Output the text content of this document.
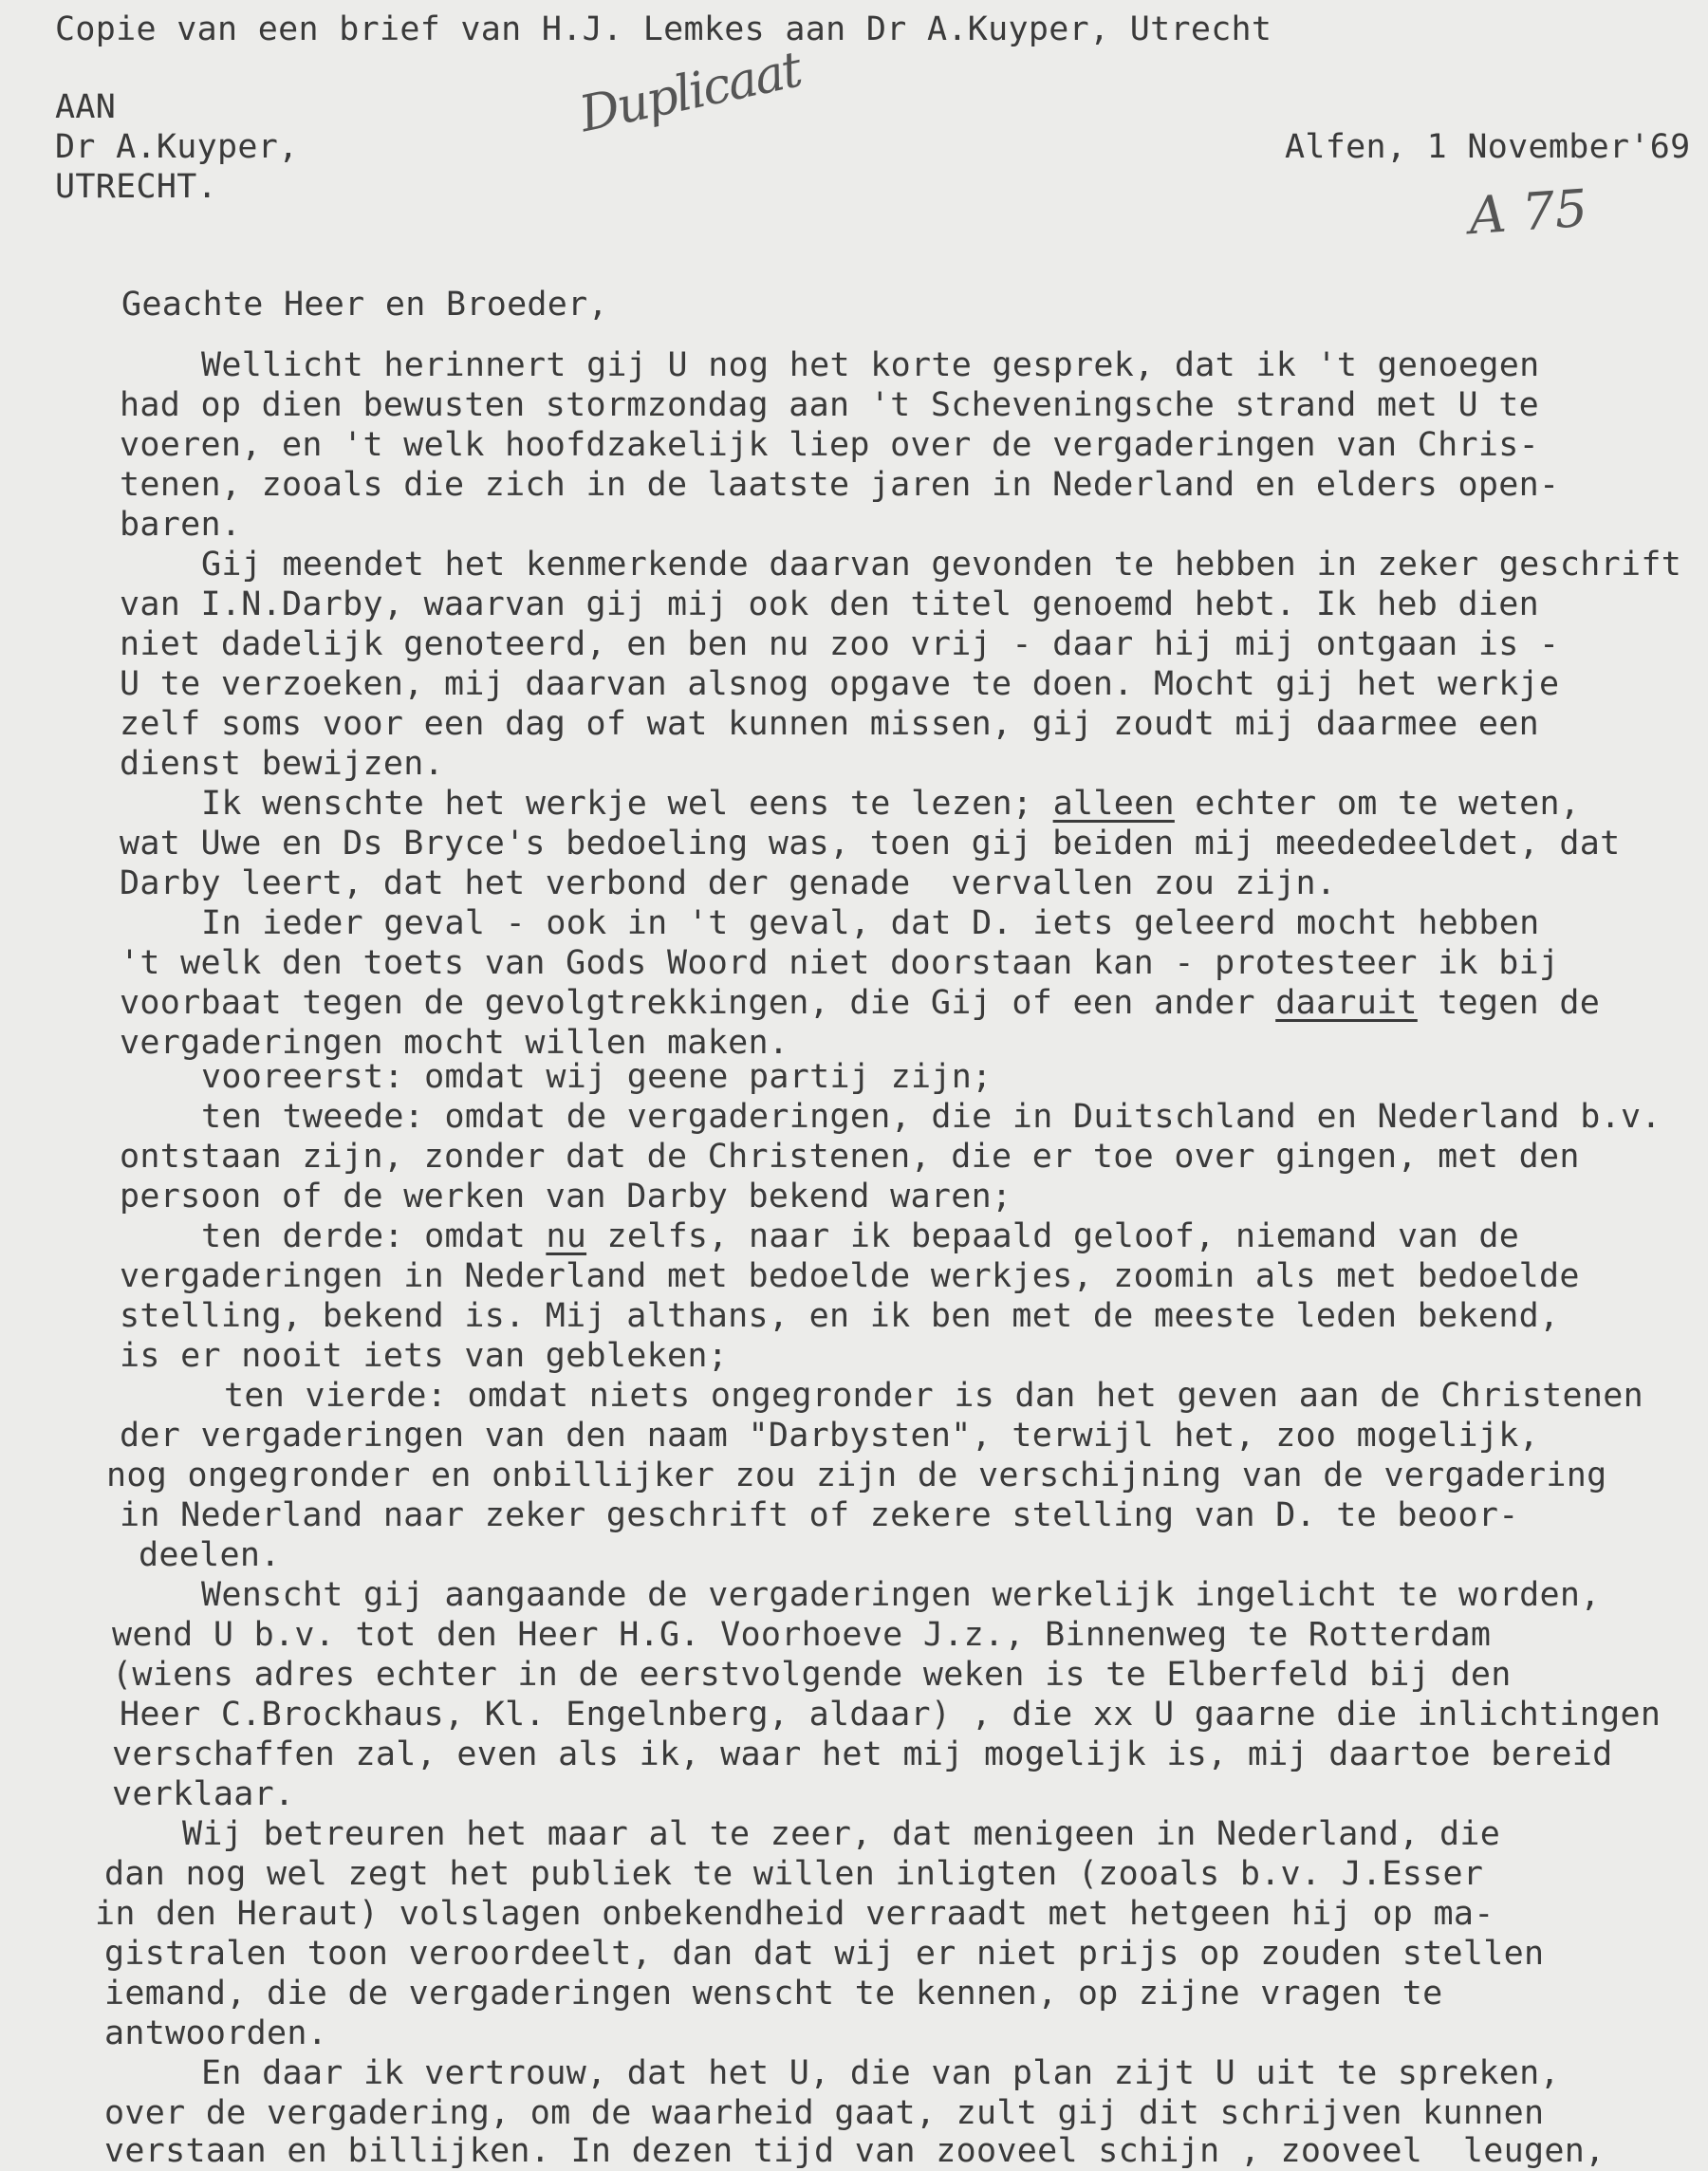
Copie van een brief van H.J. Lemkes aan Dr A.Kuyper, Utrecht
AAN
Dr A.Kuyper,
UTRECHT.
Duplicaat
Alfen, 1 November'69
A 75
Geachte Heer en Broeder,
Wellicht herinnert gij U nog het korte gesprek, dat ik 't genoegen
had op dien bewusten stormzondag aan 't Scheveningsche strand met U te
voeren, en 't welk hoofdzakelijk liep over de vergaderingen van Chris-
tenen, zooals die zich in de laatste jaren in Nederland en elders open-
baren.
Gij meendet het kenmerkende daarvan gevonden te hebben in zeker geschrift
van I.N.Darby, waarvan gij mij ook den titel genoemd hebt. Ik heb dien
niet dadelijk genoteerd, en ben nu zoo vrij - daar hij mij ontgaan is -
U te verzoeken, mij daarvan alsnog opgave te doen. Mocht gij het werkje
zelf soms voor een dag of wat kunnen missen, gij zoudt mij daarmee een
dienst bewijzen.
Ik wenschte het werkje wel eens te lezen; alleen echter om te weten,
wat Uwe en Ds Bryce's bedoeling was, toen gij beiden mij meededeeldet, dat
Darby leert, dat het verbond der genade  vervallen zou zijn.
In ieder geval - ook in 't geval, dat D. iets geleerd mocht hebben
't welk den toets van Gods Woord niet doorstaan kan - protesteer ik bij
voorbaat tegen de gevolgtrekkingen, die Gij of een ander daaruit tegen de
vergaderingen mocht willen maken.
vooreerst: omdat wij geene partij zijn;
ten tweede: omdat de vergaderingen, die in Duitschland en Nederland b.v.
ontstaan zijn, zonder dat de Christenen, die er toe over gingen, met den
persoon of de werken van Darby bekend waren;
ten derde: omdat nu zelfs, naar ik bepaald geloof, niemand van de
vergaderingen in Nederland met bedoelde werkjes, zoomin als met bedoelde
stelling, bekend is. Mij althans, en ik ben met de meeste leden bekend,
is er nooit iets van gebleken;
ten vierde: omdat niets ongegronder is dan het geven aan de Christenen
der vergaderingen van den naam "Darbysten", terwijl het, zoo mogelijk,
nog ongegronder en onbillijker zou zijn de verschijning van de vergadering
in Nederland naar zeker geschrift of zekere stelling van D. te beoor-
deelen.
Wenscht gij aangaande de vergaderingen werkelijk ingelicht te worden,
wend U b.v. tot den Heer H.G. Voorhoeve J.z., Binnenweg te Rotterdam
(wiens adres echter in de eerstvolgende weken is te Elberfeld bij den
Heer C.Brockhaus, Kl. Engelnberg, aldaar) , die xx U gaarne die inlichtingen
verschaffen zal, even als ik, waar het mij mogelijk is, mij daartoe bereid
verklaar.
Wij betreuren het maar al te zeer, dat menigeen in Nederland, die
dan nog wel zegt het publiek te willen inligten (zooals b.v. J.Esser
in den Heraut) volslagen onbekendheid verraadt met hetgeen hij op ma-
gistralen toon veroordeelt, dan dat wij er niet prijs op zouden stellen
iemand, die de vergaderingen wenscht te kennen, op zijne vragen te
antwoorden.
En daar ik vertrouw, dat het U, die van plan zijt U uit te spreken,
over de vergadering, om de waarheid gaat, zult gij dit schrijven kunnen
verstaan en billijken. In dezen tijd van zooveel schijn , zooveel  leugen,
